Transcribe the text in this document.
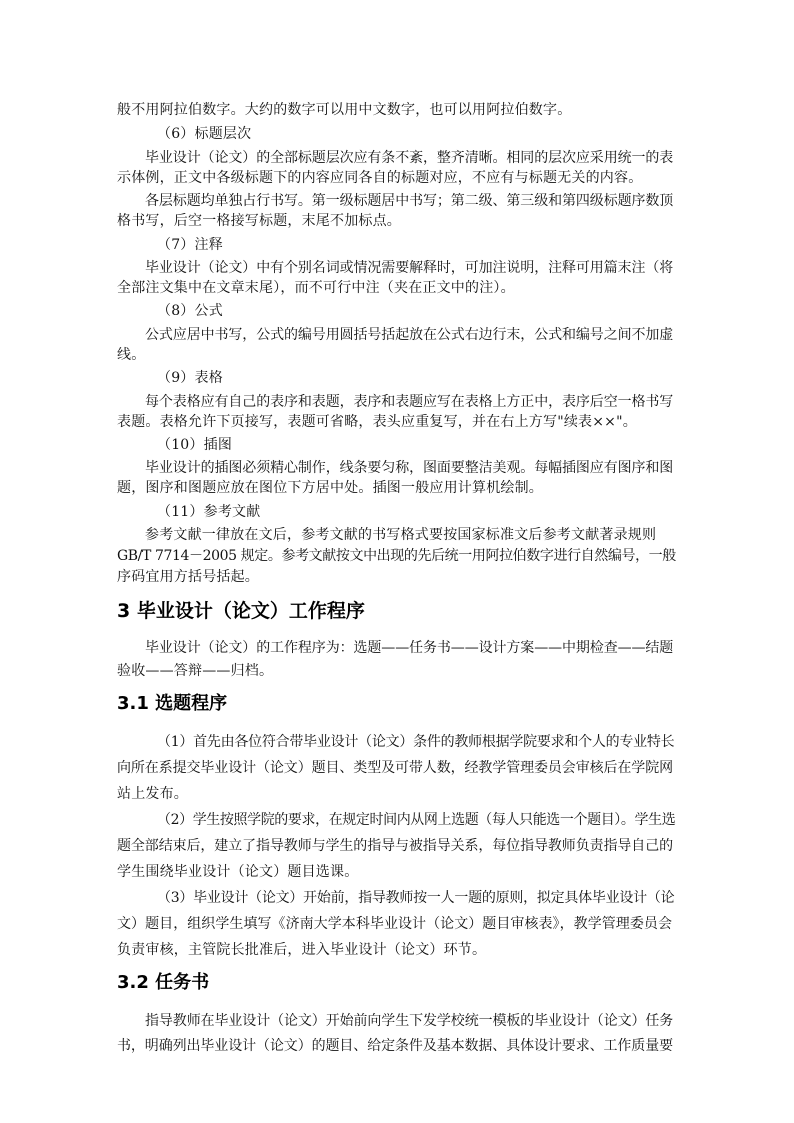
般不用阿拉伯数字。大约的数字可以用中文数字，也可以用阿拉伯数字。

（6）标题层次

毕业设计（论文）的全部标题层次应有条不紊，整齐清晰。相同的层次应采用统一的表

示体例，正文中各级标题下的内容应同各自的标题对应，不应有与标题无关的内容。

各层标题均单独占行书写。第一级标题居中书写；第二级、第三级和第四级标题序数顶

格书写，后空一格接写标题，末尾不加标点。

（7）注释

毕业设计（论文）中有个别名词或情况需要解释时，可加注说明，注释可用篇末注（将

全部注文集中在文章末尾），而不可行中注（夹在正文中的注）。

（8）公式

公式应居中书写，公式的编号用圆括号括起放在公式右边行末，公式和编号之间不加虚

线。

（9）表格

每个表格应有自己的表序和表题，表序和表题应写在表格上方正中，表序后空一格书写

表题。表格允许下页接写，表题可省略，表头应重复写，并在右上方写"续表××"。

（10）插图

毕业设计的插图必须精心制作，线条要匀称，图面要整洁美观。每幅插图应有图序和图

题，图序和图题应放在图位下方居中处。插图一般应用计算机绘制。

（11）参考文献

参考文献一律放在文后，参考文献的书写格式要按国家标准文后参考文献著录规则

GB/T 7714－2005 规定。参考文献按文中出现的先后统一用阿拉伯数字进行自然编号，一般

序码宜用方括号括起。

3 毕业设计（论文）工作程序

毕业设计（论文）的工作程序为：选题——任务书——设计方案——中期检查——结题

验收——答辩——归档。

3.1 选题程序

（1）首先由各位符合带毕业设计（论文）条件的教师根据学院要求和个人的专业特长

向所在系提交毕业设计（论文）题目、类型及可带人数，经教学管理委员会审核后在学院网

站上发布。

（2）学生按照学院的要求，在规定时间内从网上选题（每人只能选一个题目）。学生选

题全部结束后，建立了指导教师与学生的指导与被指导关系，每位指导教师负责指导自己的

学生围绕毕业设计（论文）题目选课。

（3）毕业设计（论文）开始前，指导教师按一人一题的原则，拟定具体毕业设计（论

文）题目，组织学生填写《济南大学本科毕业设计（论文）题目审核表》，教学管理委员会

负责审核，主管院长批准后，进入毕业设计（论文）环节。

3.2 任务书

指导教师在毕业设计（论文）开始前向学生下发学校统一模板的毕业设计（论文）任务

书，明确列出毕业设计（论文）的题目、给定条件及基本数据、具体设计要求、工作质量要
